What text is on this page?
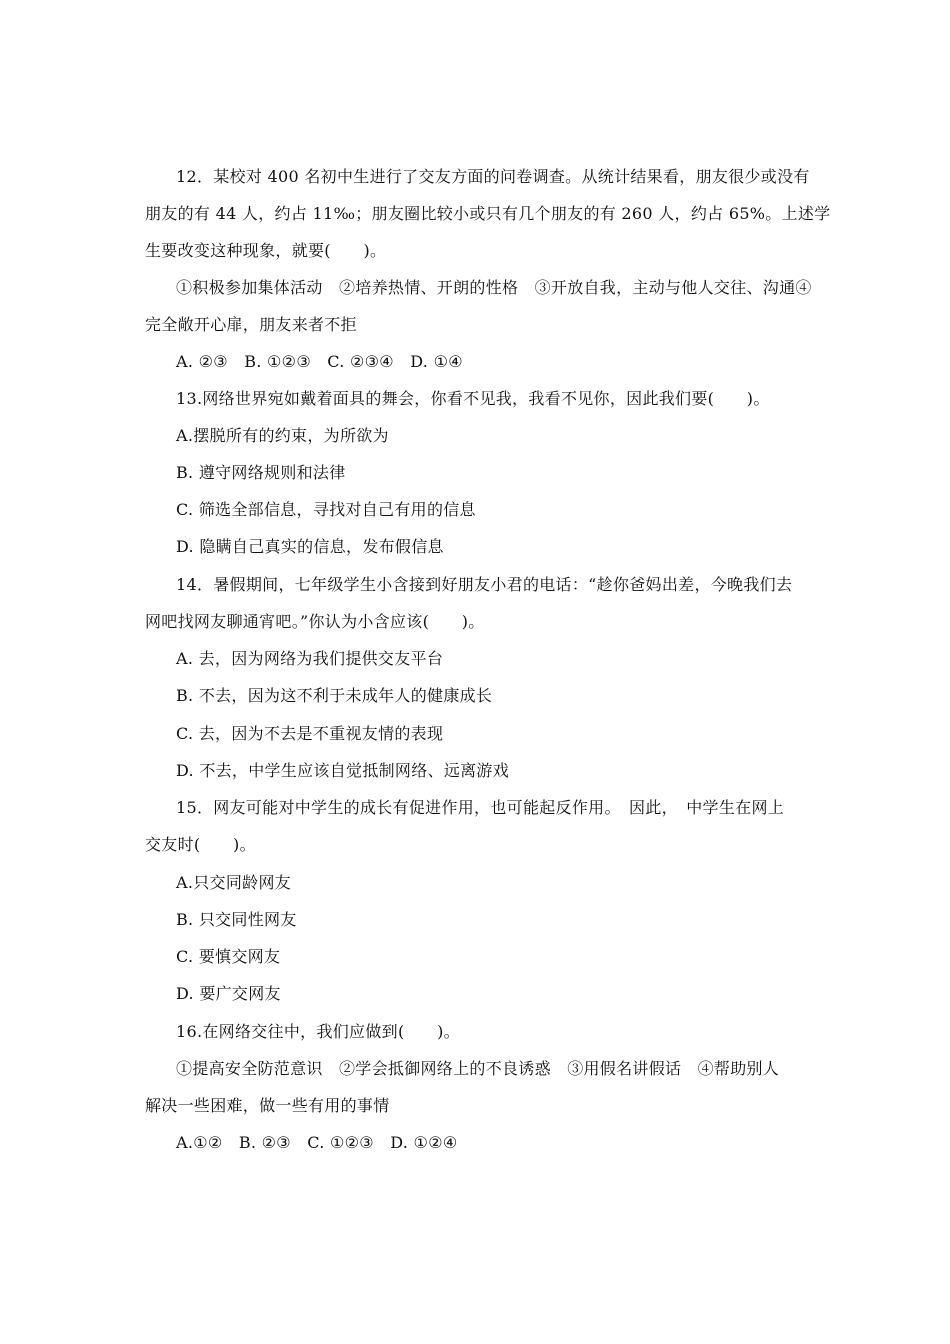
12．某校对 400 名初中生进行了交友方面的问卷调查。从统计结果看，朋友很少或没有
朋友的有 44 人，约占 11‰；朋友圈比较小或只有几个朋友的有 260 人，约占 65%。上述学
生要改变这种现象，就要(　　)。
①积极参加集体活动　②培养热情、开朗的性格　③开放自我，主动与他人交往、沟通④
完全敞开心扉，朋友来者不拒
A. ②③　B. ①②③　C. ②③④　D. ①④
13.网络世界宛如戴着面具的舞会，你看不见我，我看不见你，因此我们要(　　)。
A.摆脱所有的约束，为所欲为
B. 遵守网络规则和法律
C. 筛选全部信息，寻找对自己有用的信息
D. 隐瞒自己真实的信息，发布假信息
14．暑假期间，七年级学生小含接到好朋友小君的电话：“趁你爸妈出差，今晚我们去
网吧找网友聊通宵吧。”你认为小含应该(　　)。
A. 去，因为网络为我们提供交友平台
B. 不去，因为这不利于未成年人的健康成长
C. 去，因为不去是不重视友情的表现
D. 不去，中学生应该自觉抵制网络、远离游戏
15．网友可能对中学生的成长有促进作用，也可能起反作用。　因此，　中学生在网上
交友时(　　)。
A.只交同龄网友
B. 只交同性网友
C. 要慎交网友
D. 要广交网友
16.在网络交往中，我们应做到(　　)。
①提高安全防范意识　②学会抵御网络上的不良诱惑　③用假名讲假话　④帮助别人
解决一些困难，做一些有用的事情
A.①②　B. ②③　C. ①②③　D. ①②④
